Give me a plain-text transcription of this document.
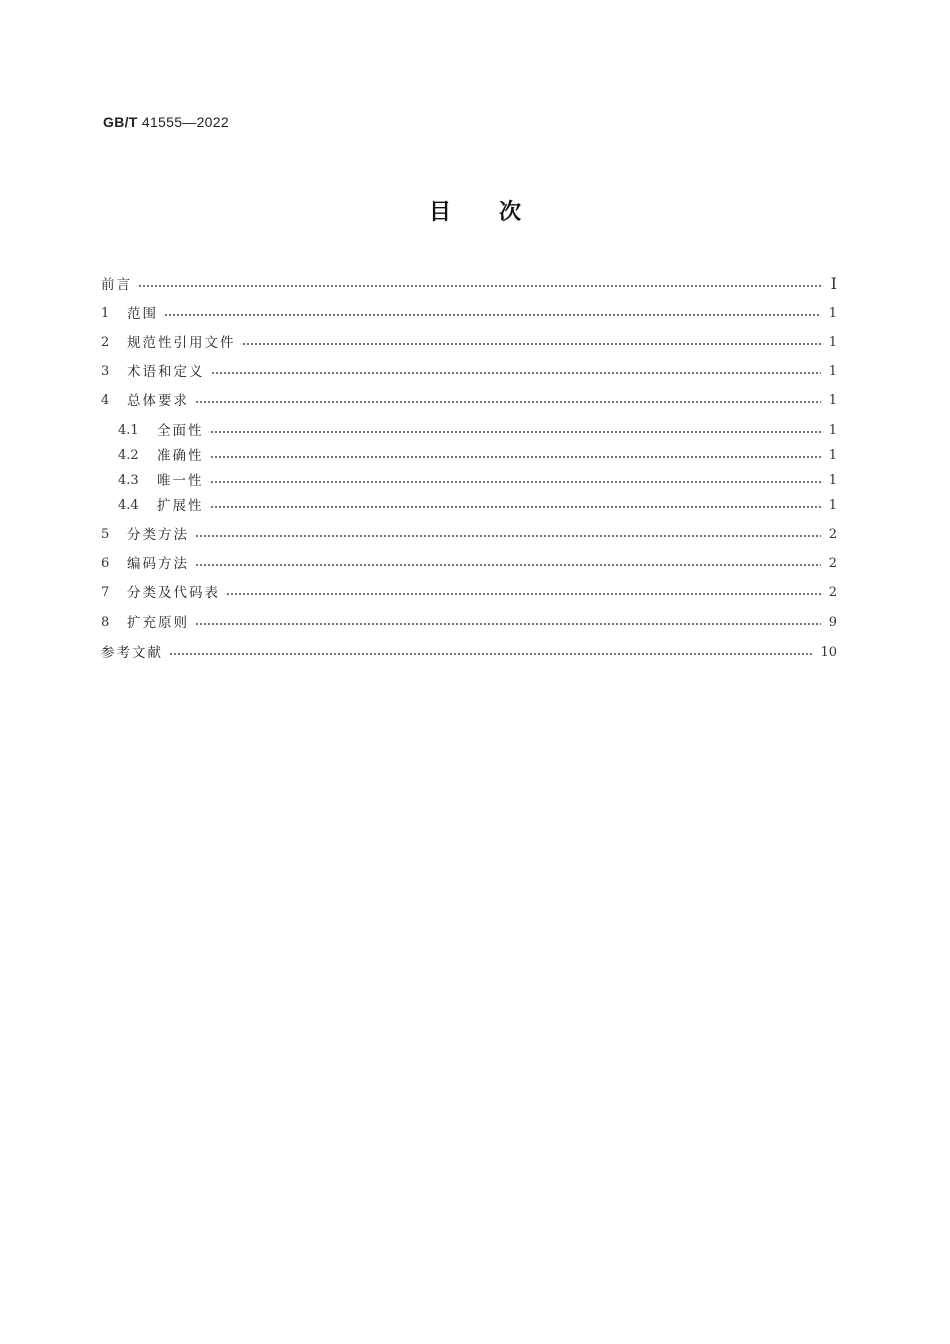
GB/T 41555—2022
目次
前言	Ⅰ
1	范围	1
2	规范性引用文件	1
3	术语和定义	1
4	总体要求	1
4.1	全面性	1
4.2	准确性	1
4.3	唯一性	1
4.4	扩展性	1
5	分类方法	2
6	编码方法	2
7	分类及代码表	2
8	扩充原则	9
参考文献	10
